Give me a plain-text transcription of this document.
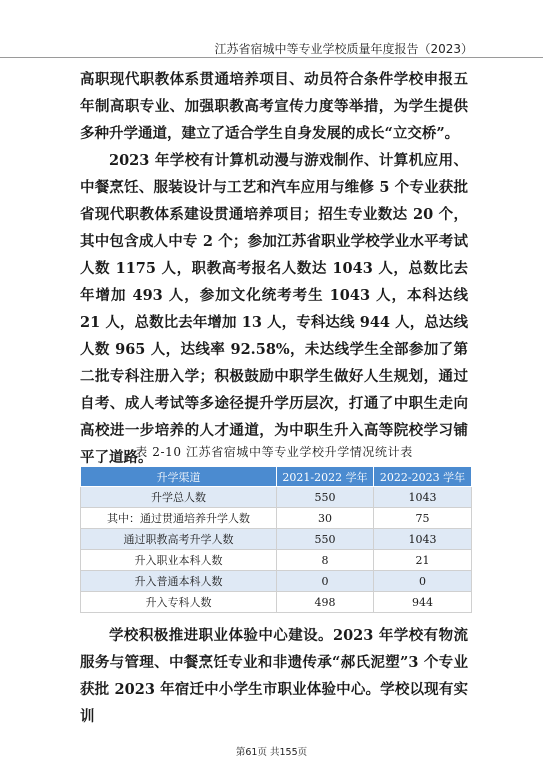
江苏省宿城中等专业学校质量年度报告（2023）

高职现代职教体系贯通培养项目、动员符合条件学校申报五年制高职专业、加强职教高考宣传力度等举措，为学生提供多种升学通道，建立了适合学生自身发展的成长“立交桥”。

2023 年学校有计算机动漫与游戏制作、计算机应用、中餐烹饪、服装设计与工艺和汽车应用与维修 5 个专业获批省现代职教体系建设贯通培养项目；招生专业数达 20 个，其中包含成人中专 2 个；参加江苏省职业学校学业水平考试人数 1175 人，职教高考报名人数达 1043 人，总数比去年增加 493 人，参加文化统考考生 1043 人，本科达线 21 人，总数比去年增加 13 人，专科达线 944 人，总达线人数 965 人，达线率 92.58%，未达线学生全部参加了第二批专科注册入学；积极鼓励中职学生做好人生规划，通过自考、成人考试等多途径提升学历层次，打通了中职生走向高校进一步培养的人才通道，为中职生升入高等院校学习铺平了道路。

表 2-10 江苏省宿城中等专业学校升学情况统计表
升学渠道	2021-2022 学年	2022-2023 学年
升学总人数	550	1043
其中：通过贯通培养升学人数	30	75
通过职教高考升学人数	550	1043
升入职业本科人数	8	21
升入普通本科人数	0	0
升入专科人数	498	944

学校积极推进职业体验中心建设。2023 年学校有物流服务与管理、中餐烹饪专业和非遗传承“郝氏泥塑”3 个专业获批 2023 年宿迁中小学生市职业体验中心。学校以现有实训

第61页 共155页
